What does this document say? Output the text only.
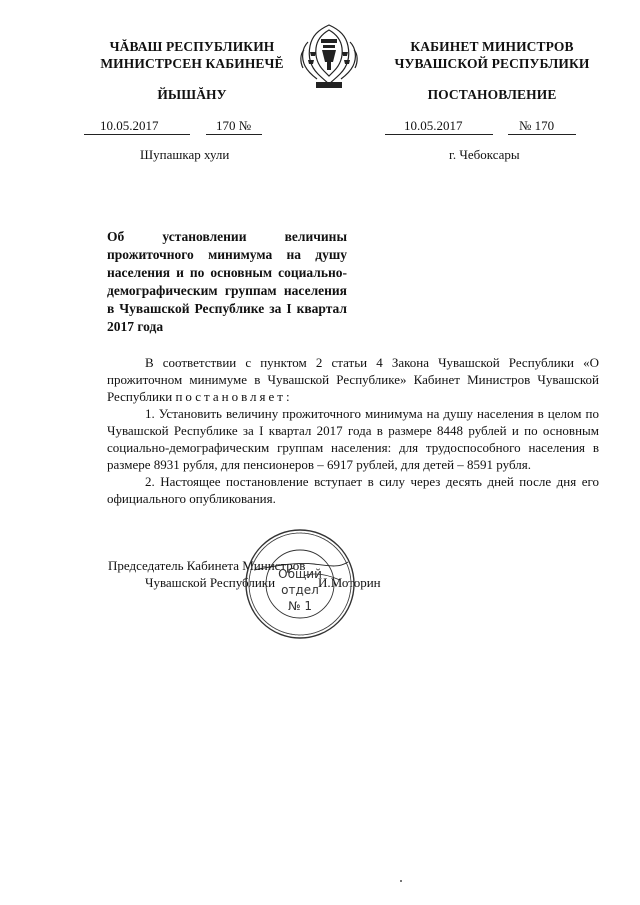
ЧĂВАШ РЕСПУБЛИКИН
МИНИСТРСЕН КАБИНЕЧĔ
ЙЫШĂНУ
КАБИНЕТ МИНИСТРОВ
ЧУВАШСКОЙ РЕСПУБЛИКИ
ПОСТАНОВЛЕНИЕ
10.05.2017	170 №	10.05.2017	№ 170
Шупашкар хули	г. Чебоксары
Об установлении величины прожиточного минимума на душу населения и по основным социально-демографическим группам населения в Чувашской Республике за I квартал 2017 года

В соответствии с пунктом 2 статьи 4 Закона Чувашской Республики «О прожиточном минимуме в Чувашской Республике» Кабинет Министров Чувашской Республики постановляет:

1. Установить величину прожиточного минимума на душу населения в целом по Чувашской Республике за I квартал 2017 года в размере 8448 рублей и по основным социально-демографическим группам населения: для трудоспособного населения в размере 8931 рубля, для пенсионеров – 6917 рублей, для детей – 8591 рубля.

2. Настоящее постановление вступает в силу через десять дней после дня его официального опубликования.

Председатель Кабинета Министров
Чувашской Республики	И.Моторин
Общий
отдел
№ 1
